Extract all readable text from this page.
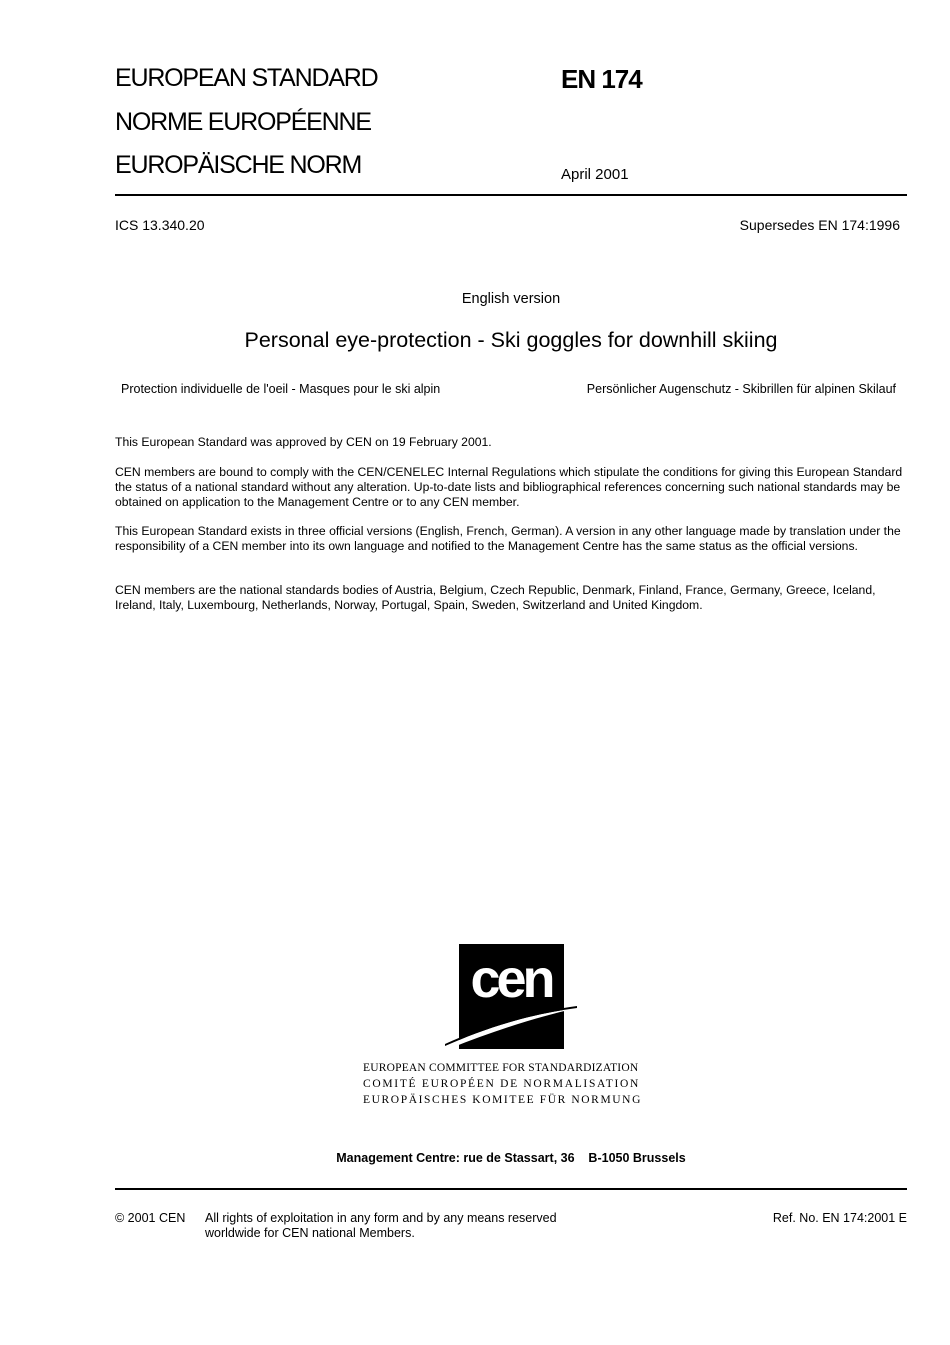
EUROPEAN STANDARD
NORME EUROPÉENNE
EUROPÄISCHE NORM
EN 174
April 2001
ICS 13.340.20	Supersedes EN 174:1996
English version
Personal eye-protection - Ski goggles for downhill skiing
Protection individuelle de l'oeil - Masques pour le ski alpin	Persönlicher Augenschutz - Skibrillen für alpinen Skilauf
This European Standard was approved by CEN on 19 February 2001.
CEN members are bound to comply with the CEN/CENELEC Internal Regulations which stipulate the conditions for giving this European Standard the status of a national standard without any alteration. Up-to-date lists and bibliographical references concerning such national standards may be obtained on application to the Management Centre or to any CEN member.
This European Standard exists in three official versions (English, French, German). A version in any other language made by translation under the responsibility of a CEN member into its own language and notified to the Management Centre has the same status as the official versions.
CEN members are the national standards bodies of Austria, Belgium, Czech Republic, Denmark, Finland, France, Germany, Greece, Iceland, Ireland, Italy, Luxembourg, Netherlands, Norway, Portugal, Spain, Sweden, Switzerland and United Kingdom.
cen
EUROPEAN COMMITTEE FOR STANDARDIZATION
COMITÉ EUROPÉEN DE NORMALISATION
EUROPÄISCHES KOMITEE FÜR NORMUNG
Management Centre: rue de Stassart, 36    B-1050 Brussels
© 2001 CEN All rights of exploitation in any form and by any means reserved
worldwide for CEN national Members.
Ref. No. EN 174:2001 E
